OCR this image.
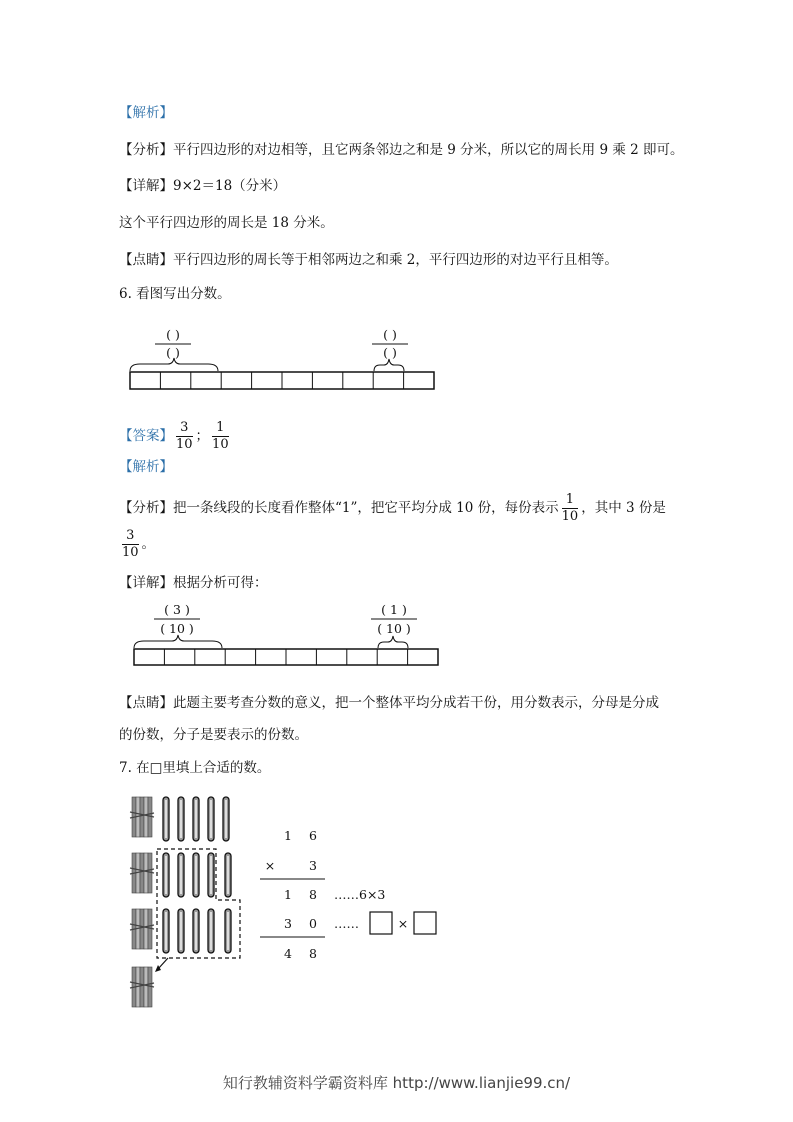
【解析】
【分析】平行四边形的对边相等，且它两条邻边之和是 9 分米，所以它的周长用 9 乘 2 即可。
【详解】9×2＝18（分米）
这个平行四边形的周长是 18 分米。
【点睛】平行四边形的周长等于相邻两边之和乘 2，平行四边形的对边平行且相等。
6. 看图写出分数。
( )
( )
( )
( )
【答案】 $\frac{3}{10}$ ； $\frac{1}{10}$
【解析】
【分析】把一条线段的长度看作整体“1”，把它平均分成 10 份，每份表示 $\frac{1}{10}$ ，其中 3 份是
$\frac{3}{10}$ 。
【详解】根据分析可得：
( 3 )
( 10 )
( 1 )
( 10 )
【点睛】此题主要考查分数的意义，把一个整体平均分成若干份，用分数表示，分母是分成
的份数，分子是要表示的份数。
7. 在□里填上合适的数。
1 6
×	3
1 8 ……6×3
3 0 ……	×
4 8
知行教辅资料学霸资料库 http://www.lianjie99.cn/
